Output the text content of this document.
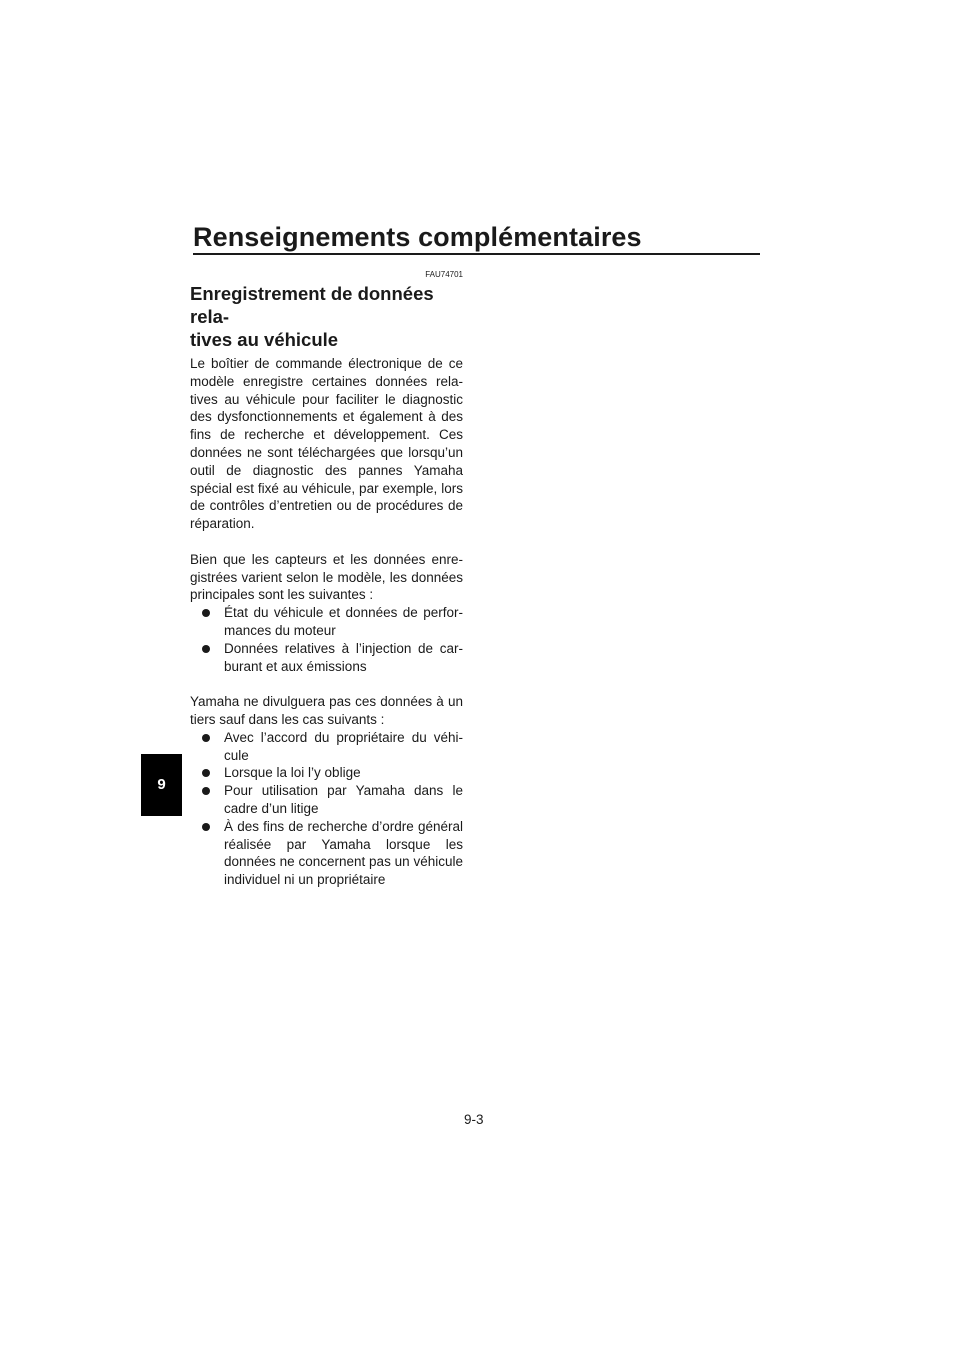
Renseignements complémentaires
9

FAU74701

Enregistrement de données rela-
tives au véhicule

Le boîtier de commande électronique de ce modèle enregistre certaines données relatives au véhicule pour faciliter le diagnostic des dysfonctionnements et également à des fins de recherche et développement. Ces données ne sont téléchargées que lorsqu’un outil de diagnostic des pannes Yamaha spécial est fixé au véhicule, par exemple, lors de contrôles d’entretien ou de procédures de réparation.

Bien que les capteurs et les données enregistrées varient selon le modèle, les données principales sont les suivantes :

État du véhicule et données de performances du moteur
Données relatives à l’injection de carburant et aux émissions

Yamaha ne divulguera pas ces données à un tiers sauf dans les cas suivants :

Avec l’accord du propriétaire du véhicule
Lorsque la loi l’y oblige
Pour utilisation par Yamaha dans le cadre d’un litige
À des fins de recherche d’ordre général réalisée par Yamaha lorsque les données ne concernent pas un véhicule individuel ni un propriétaire
9-3
